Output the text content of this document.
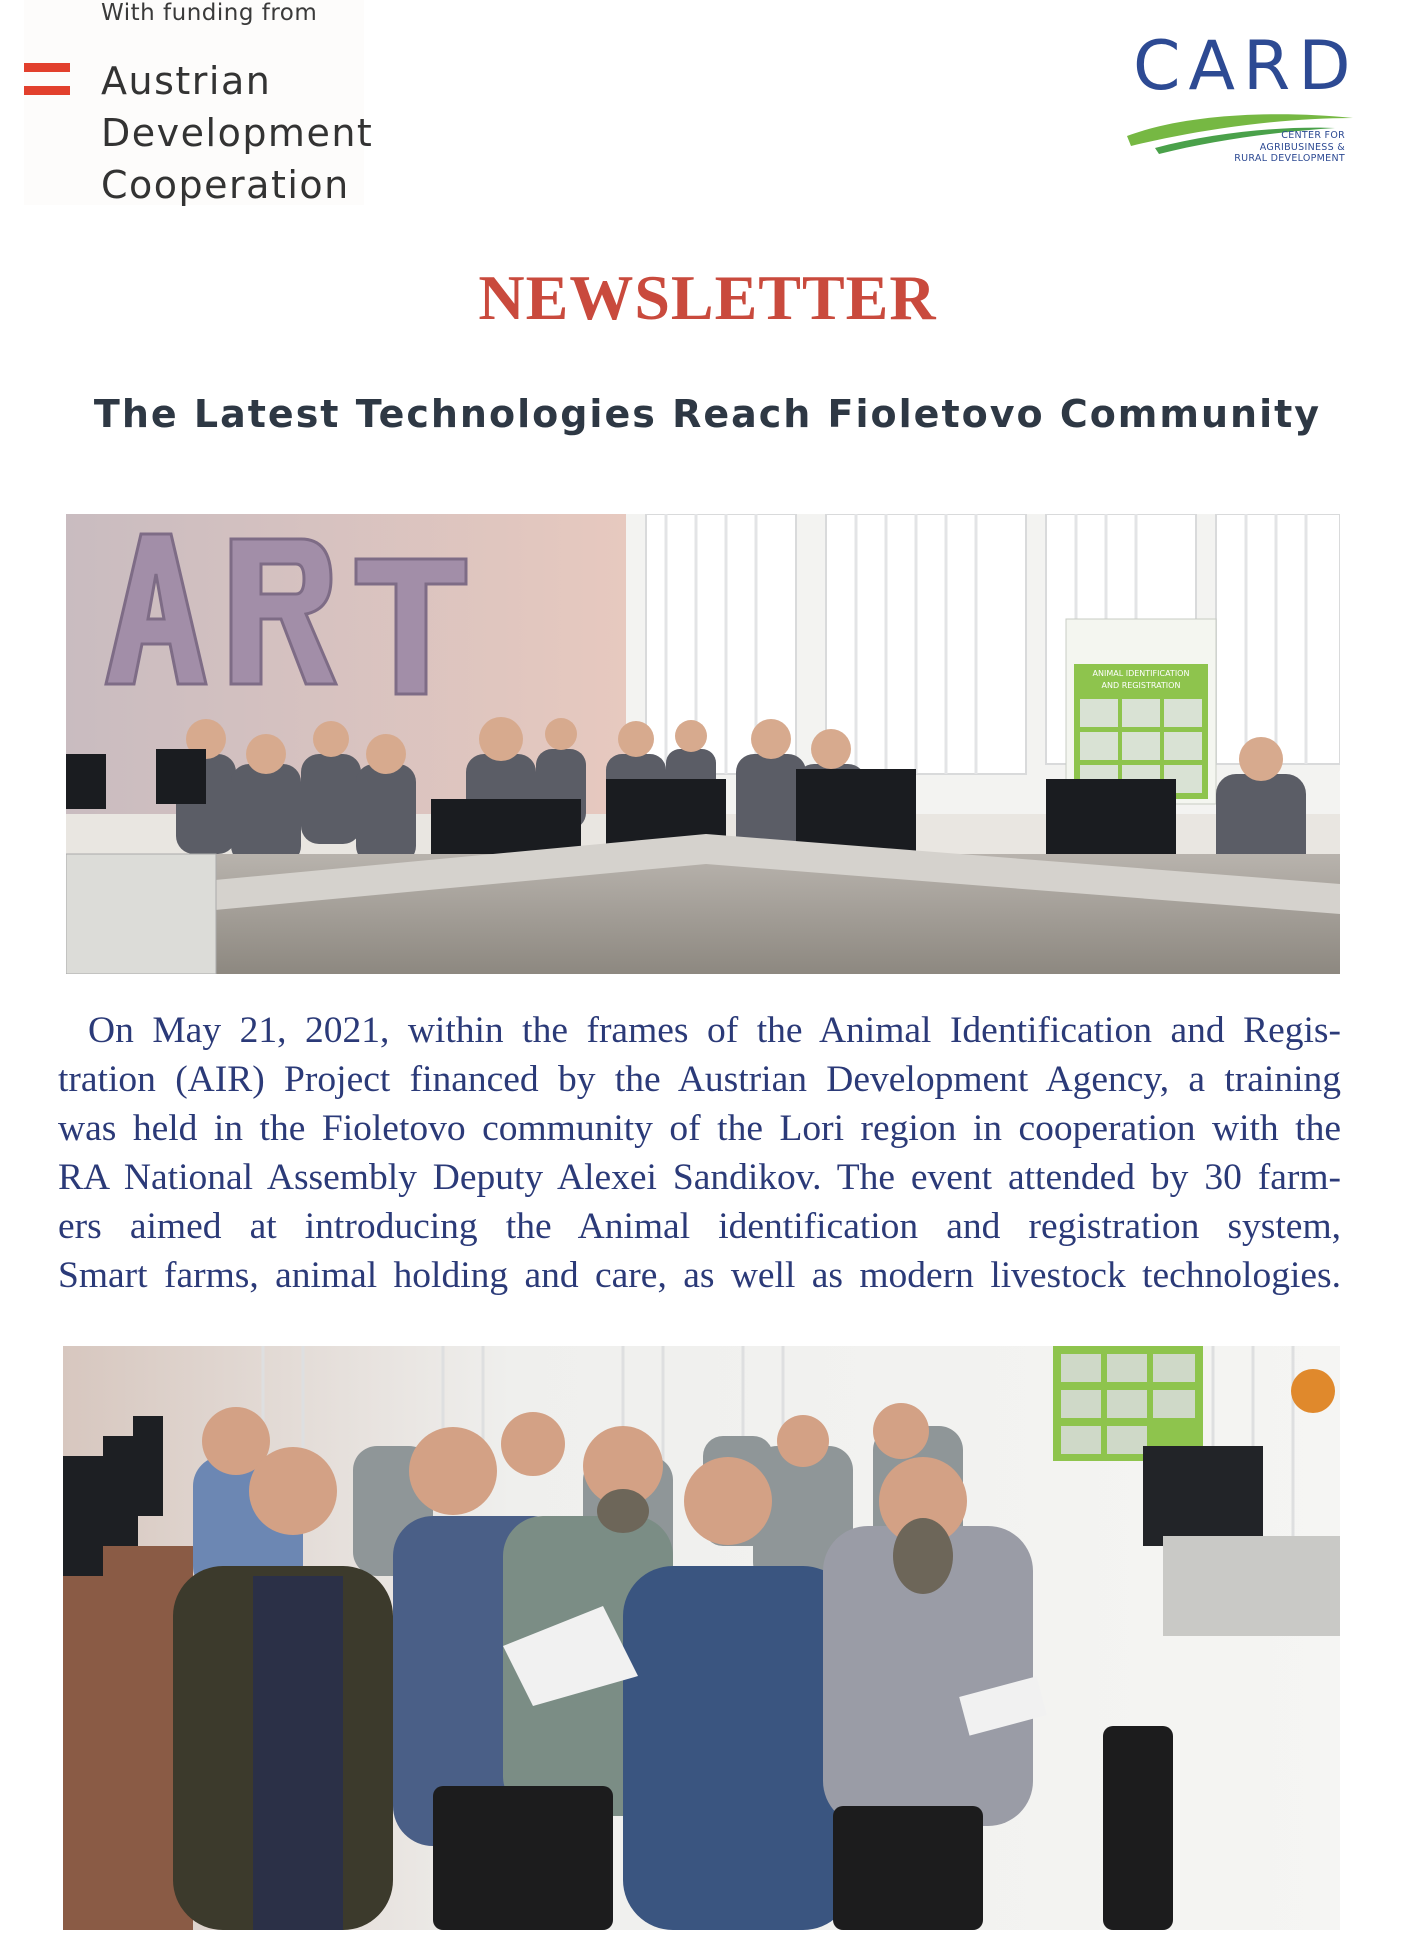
With funding from
Austrian
Development
Cooperation
CARD
CENTER FOR
AGRIBUSINESS &
RURAL DEVELOPMENT
NEWSLETTER
The Latest Technologies Reach Fioletovo Community
ANIMAL IDENTIFICATION
AND REGISTRATION
On May 21, 2021, within the frames of the Animal Identification and Regis-
tration (AIR) Project financed by the Austrian Development Agency, a training
was held in the Fioletovo community of the Lori region in cooperation with the
RA National Assembly Deputy Alexei Sandikov. The event attended by 30 farm-
ers aimed at introducing the Animal identification and registration system,
Smart farms, animal holding and care, as well as modern livestock technologies.
